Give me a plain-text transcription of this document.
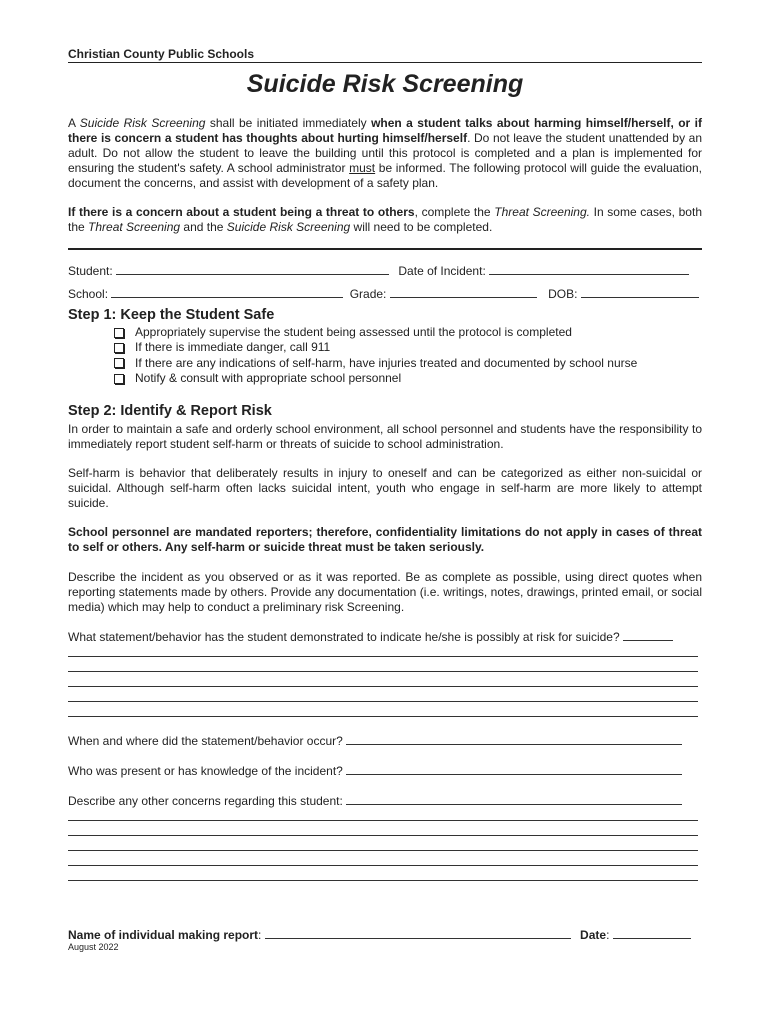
Christian County Public Schools
Suicide Risk Screening
A Suicide Risk Screening shall be initiated immediately when a student talks about harming himself/herself, or if there is concern a student has thoughts about hurting himself/herself. Do not leave the student unattended by an adult. Do not allow the student to leave the building until this protocol is completed and a plan is implemented for ensuring the student's safety. A school administrator must be informed. The following protocol will guide the evaluation, document the concerns, and assist with development of a safety plan.
If there is a concern about a student being a threat to others, complete the Threat Screening. In some cases, both the Threat Screening and the Suicide Risk Screening will need to be completed.
Student:	Date of Incident:
School:	Grade:	DOB:
Step 1: Keep the Student Safe
Appropriately supervise the student being assessed until the protocol is completed
If there is immediate danger, call 911
If there are any indications of self-harm, have injuries treated and documented by school nurse
Notify & consult with appropriate school personnel
Step 2: Identify & Report Risk
In order to maintain a safe and orderly school environment, all school personnel and students have the responsibility to immediately report student self-harm or threats of suicide to school administration.
Self-harm is behavior that deliberately results in injury to oneself and can be categorized as either non-suicidal or suicidal. Although self-harm often lacks suicidal intent, youth who engage in self-harm are more likely to attempt suicide.
School personnel are mandated reporters; therefore, confidentiality limitations do not apply in cases of threat to self or others. Any self-harm or suicide threat must be taken seriously.
Describe the incident as you observed or as it was reported. Be as complete as possible, using direct quotes when reporting statements made by others. Provide any documentation (i.e. writings, notes, drawings, printed email, or social media) which may help to conduct a preliminary risk Screening.
What statement/behavior has the student demonstrated to indicate he/she is possibly at risk for suicide?
When and where did the statement/behavior occur?
Who was present or has knowledge of the incident?
Describe any other concerns regarding this student:
Name of individual making report:	Date:
August 2022
